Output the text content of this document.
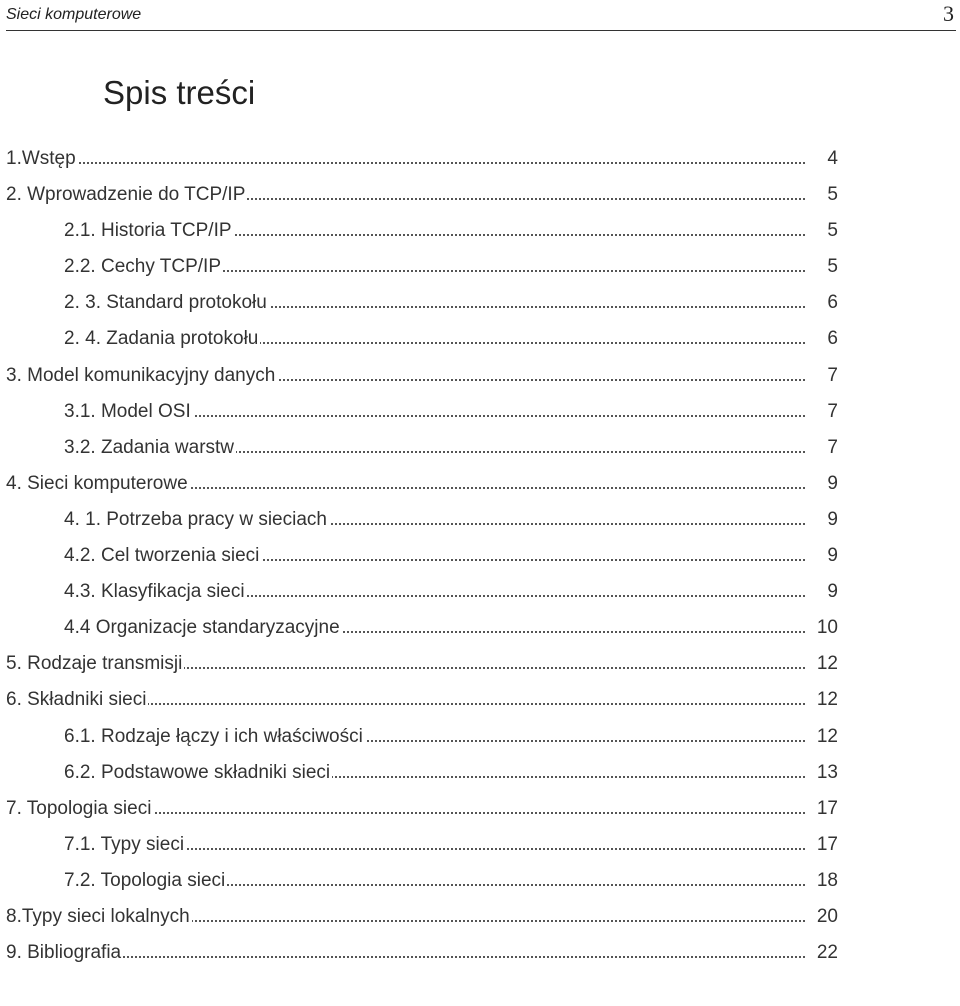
Sieci komputerowe	3
Spis treści
1.Wstęp	4
2. Wprowadzenie do TCP/IP	5
2.1. Historia TCP/IP	5
2.2. Cechy TCP/IP	5
2. 3. Standard protokołu	6
2. 4. Zadania protokołu	6
3. Model komunikacyjny danych	7
3.1. Model OSI	7
3.2. Zadania warstw	7
4. Sieci komputerowe	9
4. 1. Potrzeba pracy w sieciach	9
4.2. Cel tworzenia sieci	9
4.3. Klasyfikacja sieci	9
4.4 Organizacje standaryzacyjne	10
5. Rodzaje transmisji	12
6. Składniki sieci	12
6.1. Rodzaje łączy i ich właściwości	12
6.2. Podstawowe składniki sieci	13
7. Topologia sieci	17
7.1. Typy sieci	17
7.2. Topologia sieci	18
8.Typy sieci lokalnych	20
9. Bibliografia	22
